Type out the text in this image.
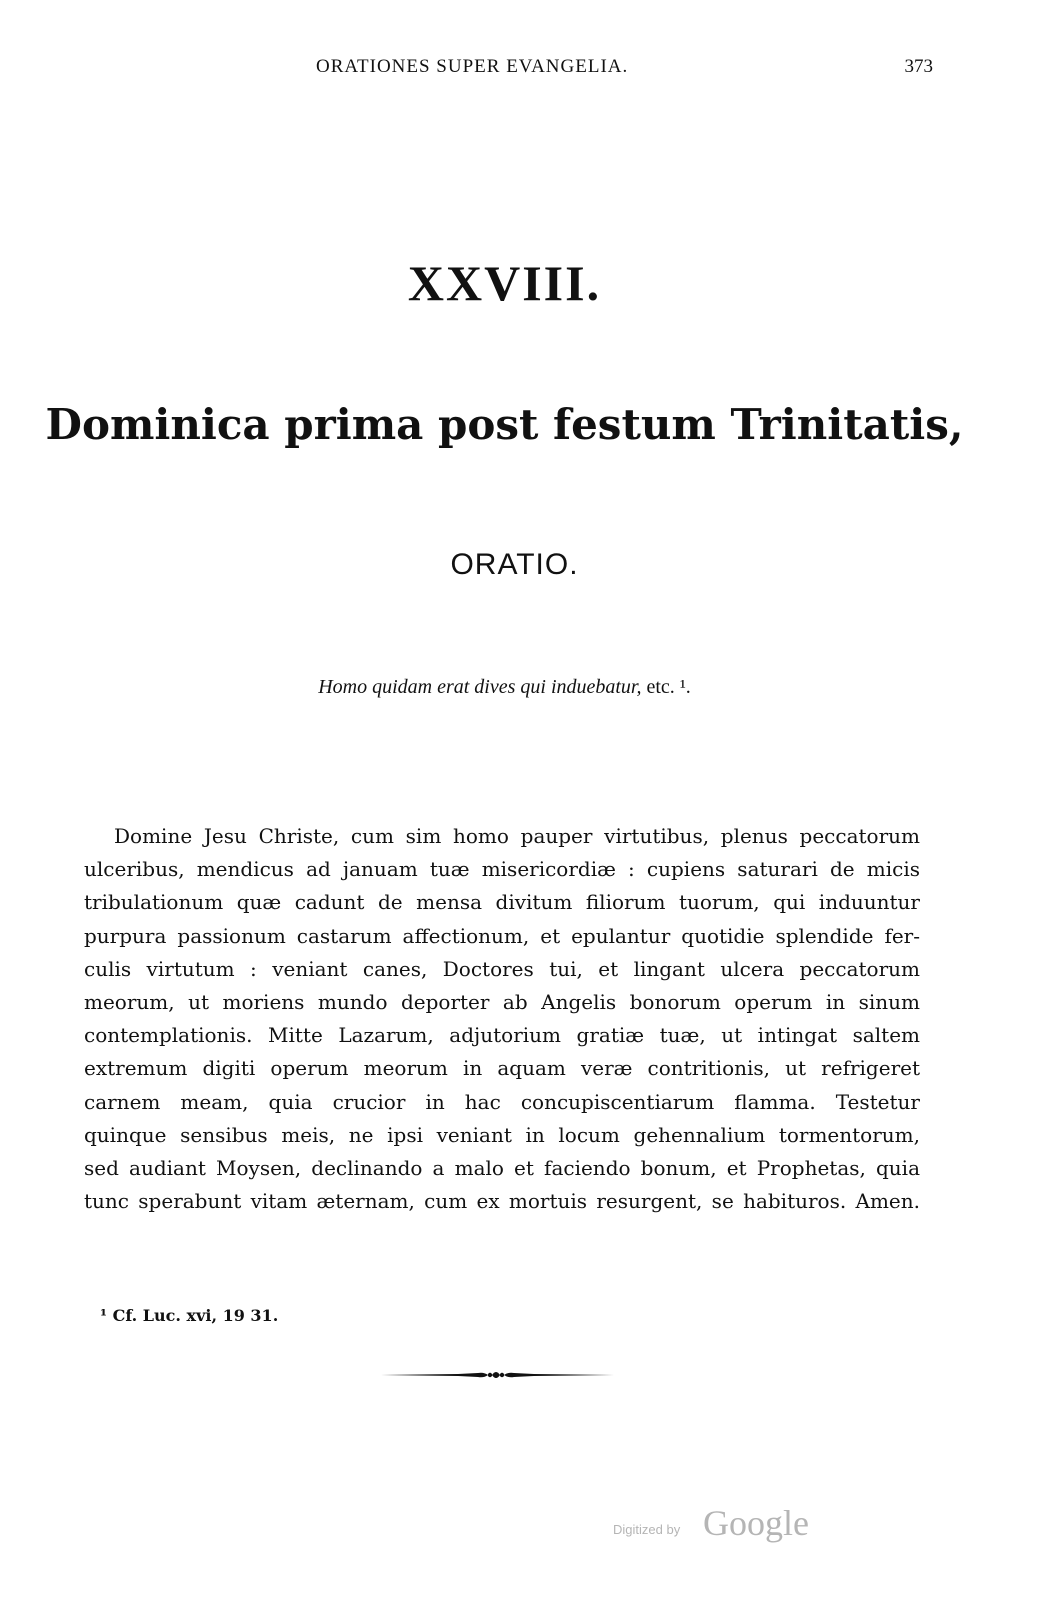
ORATIONES SUPER EVANGELIA.	373
XXVIII.
Dominica prima post festum Trinitatis,
ORATIO.
Homo quidam erat dives qui induebatur, etc. ¹.
Domine Jesu Christe, cum sim homo pauper virtutibus, plenus peccatorum
ulceribus, mendicus ad januam tuæ misericordiæ : cupiens saturari de micis
tribulationum quæ cadunt de mensa divitum filiorum tuorum, qui induuntur
purpura passionum castarum affectionum, et epulantur quotidie splendide fer-
culis virtutum : veniant canes, Doctores tui, et lingant ulcera peccatorum
meorum, ut moriens mundo deporter ab Angelis bonorum operum in sinum
contemplationis. Mitte Lazarum, adjutorium gratiæ tuæ, ut intingat saltem
extremum digiti operum meorum in aquam veræ contritionis, ut refrigeret
carnem meam, quia crucior in hac concupiscentiarum flamma. Testetur
quinque sensibus meis, ne ipsi veniant in locum gehennalium tormentorum,
sed audiant Moysen, declinando a malo et faciendo bonum, et Prophetas, quia
tunc sperabunt vitam æternam, cum ex mortuis resurgent, se habituros. Amen.
¹ Cf. Luc. xvi, 19 31.
Digitized by Google
